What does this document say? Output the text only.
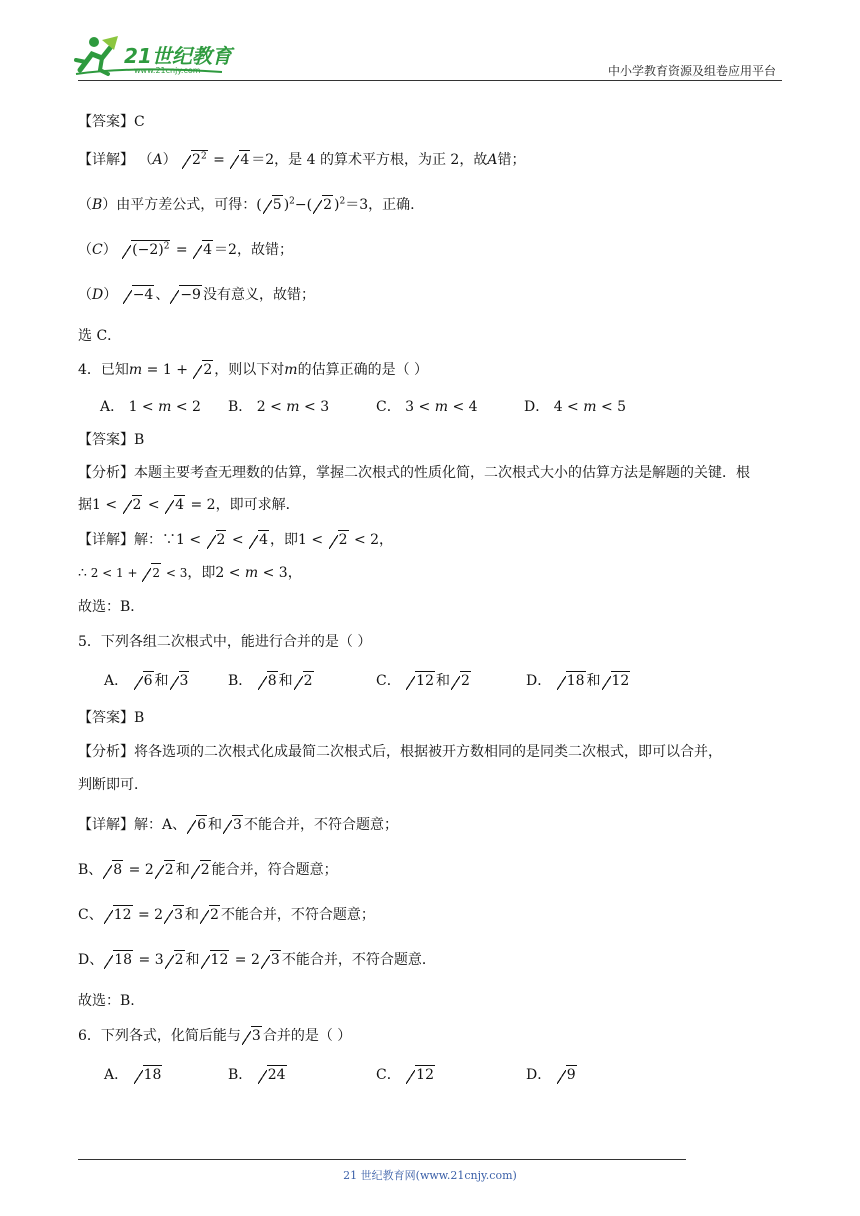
21世纪教育
www.21cnjy.com	中小学教育资源及组卷应用平台
【答案】C
【详解】 （A） $2^2 = 4 =2$，是 4 的算术平方根，为正 2，故A错；
（B）由平方差公式，可得：( 5 )$^2$−( 2 )$^2$＝3，正确.
（C） $(-2)^2 = 4 =2$，故错；
（D） −4 、 −9 没有意义，故错；
选 C．
4．已知m = 1 + 2 ，则以下对m的估算正确的是（ ）
A． 1 < m < 2 B． 2 < m < 3	C． 3 < m < 4	D． 4 < m < 5
【答案】B
【分析】本题主要考查无理数的估算，掌握二次根式的性质化简，二次根式大小的估算方法是解题的关键．根
据1 < 2 < 4 = 2，即可求解．
【详解】解：∵1 < 2 < 4 ，即1 < 2 < 2，
∴ 2 < 1 + 2 < 3，即2 < m < 3，
故选：B．
5．下列各组二次根式中，能进行合并的是（ ）
A． 6 和 3	B． 8 和 2	C． 12 和 2	D． 18 和 12
【答案】B
【分析】将各选项的二次根式化成最简二次根式后，根据被开方数相同的是同类二次根式，即可以合并，
判断即可．
【详解】解：A、 6 和 3 不能合并，不符合题意；
B、 8 = 2 2 和 2 能合并，符合题意；
C、 12 = 2 3 和 2 不能合并，不符合题意；
D、 18 = 3 2 和 12 = 2 3 不能合并，不符合题意．
故选：B.
6．下列各式，化简后能与 3 合并的是（ ）
A． 18	B． 24	C． 12	D． 9
21 世纪教育网(www.21cnjy.com)
